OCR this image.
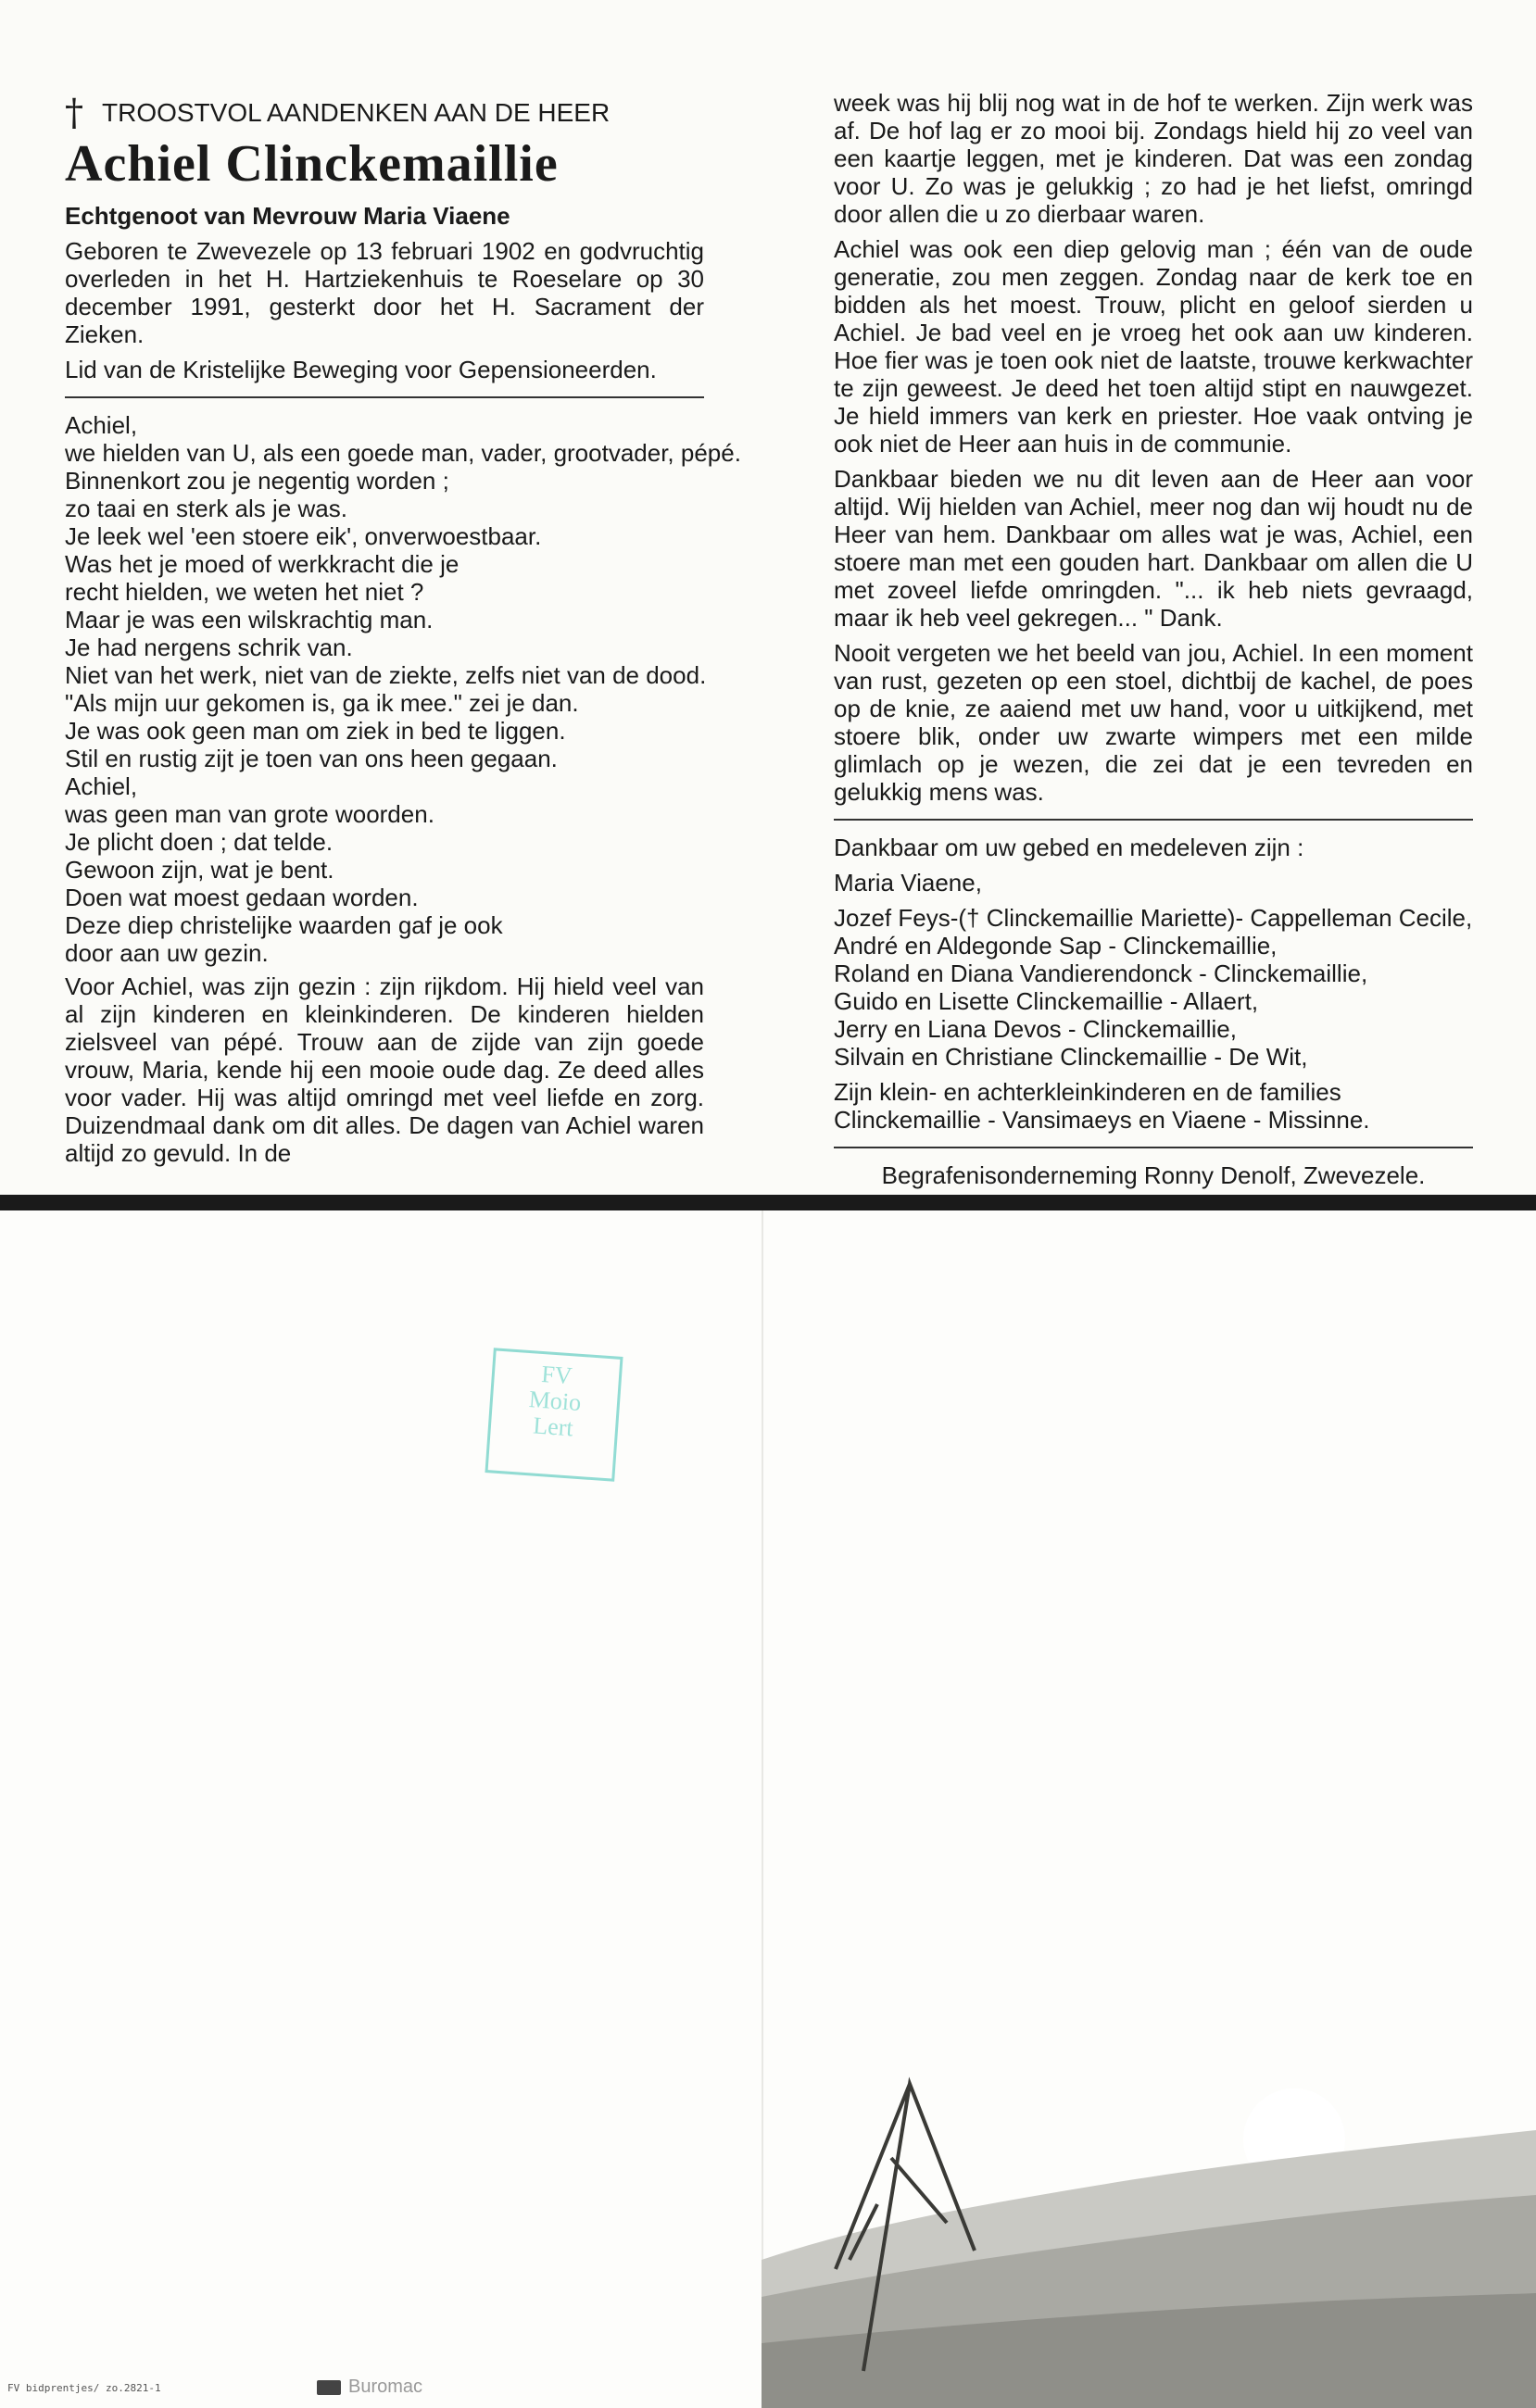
† TROOSTVOL AANDENKEN AAN DE HEER
Achiel Clinckemaillie
Echtgenoot van Mevrouw Maria Viaene
Geboren te Zwevezele op 13 februari 1902 en godvruchtig overleden in het H. Hartziekenhuis te Roeselare op 30 december 1991, gesterkt door het H. Sacrament der Zieken.
Lid van de Kristelijke Beweging voor Gepensioneerden.
Achiel,
we hielden van U, als een goede man, vader, grootvader, pépé.
Binnenkort zou je negentig worden ;
zo taai en sterk als je was.
Je leek wel 'een stoere eik', onverwoestbaar.
Was het je moed of werkkracht die je
recht hielden, we weten het niet ?
Maar je was een wilskrachtig man.
Je had nergens schrik van.
Niet van het werk, niet van de ziekte, zelfs niet van de dood.
"Als mijn uur gekomen is, ga ik mee." zei je dan.
Je was ook geen man om ziek in bed te liggen.
Stil en rustig zijt je toen van ons heen gegaan.
Achiel,
was geen man van grote woorden.
Je plicht doen ; dat telde.
Gewoon zijn, wat je bent.
Doen wat moest gedaan worden.
Deze diep christelijke waarden gaf je ook
door aan uw gezin.
Voor Achiel, was zijn gezin : zijn rijkdom. Hij hield veel van al zijn kinderen en kleinkinderen. De kinderen hielden zielsveel van pépé. Trouw aan de zijde van zijn goede vrouw, Maria, kende hij een mooie oude dag. Ze deed alles voor vader. Hij was altijd omringd met veel liefde en zorg. Duizendmaal dank om dit alles. De dagen van Achiel waren altijd zo gevuld. In de
week was hij blij nog wat in de hof te werken. Zijn werk was af. De hof lag er zo mooi bij. Zondags hield hij zo veel van een kaartje leggen, met je kinderen. Dat was een zondag voor U. Zo was je gelukkig ; zo had je het liefst, omringd door allen die u zo dierbaar waren.
Achiel was ook een diep gelovig man ; één van de oude generatie, zou men zeggen. Zondag naar de kerk toe en bidden als het moest. Trouw, plicht en geloof sierden u Achiel. Je bad veel en je vroeg het ook aan uw kinderen. Hoe fier was je toen ook niet de laatste, trouwe kerkwachter te zijn geweest. Je deed het toen altijd stipt en nauwgezet. Je hield immers van kerk en priester. Hoe vaak ontving je ook niet de Heer aan huis in de communie.
Dankbaar bieden we nu dit leven aan de Heer aan voor altijd. Wij hielden van Achiel, meer nog dan wij houdt nu de Heer van hem. Dankbaar om alles wat je was, Achiel, een stoere man met een gouden hart. Dankbaar om allen die U met zoveel liefde omringden. "... ik heb niets gevraagd, maar ik heb veel gekregen... " Dank.
Nooit vergeten we het beeld van jou, Achiel. In een moment van rust, gezeten op een stoel, dichtbij de kachel, de poes op de knie, ze aaiend met uw hand, voor u uitkijkend, met stoere blik, onder uw zwarte wimpers met een milde glimlach op je wezen, die zei dat je een tevreden en gelukkig mens was.
Dankbaar om uw gebed en medeleven zijn :
Maria Viaene,
Jozef Feys-(† Clinckemaillie Mariette)- Cappelleman Cecile,
André en Aldegonde Sap - Clinckemaillie,
Roland en Diana Vandierendonck - Clinckemaillie,
Guido en Lisette Clinckemaillie - Allaert,
Jerry en Liana Devos - Clinckemaillie,
Silvain en Christiane Clinckemaillie - De Wit,
Zijn klein- en achterkleinkinderen en de families
Clinckemaillie - Vansimaeys en Viaene - Missinne.
Begrafenisonderneming Ronny Denolf, Zwevezele.
FV
Moio
Lert
FV bidprentjes/ zo.2821-1	Buromac
